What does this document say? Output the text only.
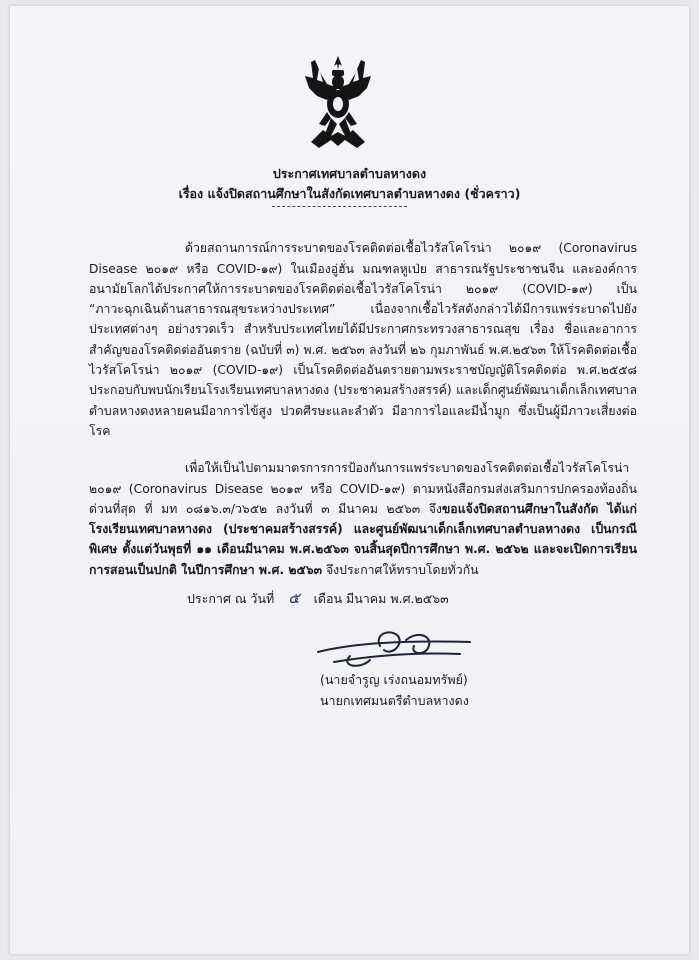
ประกาศเทศบาลตำบลหางดง
เรื่อง แจ้งปิดสถานศึกษาในสังกัดเทศบาลตำบลหางดง (ชั่วคราว)

ด้วยสถานการณ์การระบาดของโรคติดต่อเชื้อไวรัสโคโรน่า ๒๐๑๙ (Coronavirus Disease ๒๐๑๙ หรือ COVID-๑๙) ในเมืองอู่ฮั่น มณฑลหูเป่ย สาธารณรัฐประชาชนจีน และองค์การอนามัยโลกได้ประกาศให้การระบาดของโรคติดต่อเชื้อไวรัสโคโรน่า ๒๐๑๙ (COVID-๑๙) เป็น “ภาวะฉุกเฉินด้านสาธารณสุขระหว่างประเทศ” เนื่องจากเชื้อไวรัสดังกล่าวได้มีการแพร่ระบาดไปยังประเทศต่างๆ อย่างรวดเร็ว สำหรับประเทศไทยได้มีประกาศกระทรวงสาธารณสุข เรื่อง ชื่อและอาการสำคัญของโรคติดต่ออันตราย (ฉบับที่ ๓) พ.ศ. ๒๕๖๓ ลงวันที่ ๒๖ กุมภาพันธ์ พ.ศ.๒๕๖๓ ให้โรคติดต่อเชื้อไวรัสโคโรน่า ๒๐๑๙ (COVID-๑๙) เป็นโรคติดต่ออันตรายตามพระราชบัญญัติโรคติดต่อ พ.ศ.๒๕๕๘ ประกอบกับพบนักเรียนโรงเรียนเทศบาลหางดง (ประชาคมสร้างสรรค์) และเด็กศูนย์พัฒนาเด็กเล็กเทศบาลตำบลหางดงหลายคนมีอาการไข้สูง ปวดศีรษะและลำตัว มีอาการไอและมีน้ำมูก ซึ่งเป็นผู้มีภาวะเสี่ยงต่อโรค

เพื่อให้เป็นไปตามมาตรการการป้องกันการแพร่ระบาดของโรคติดต่อเชื้อไวรัสโคโรน่า ๒๐๑๙ (Coronavirus Disease ๒๐๑๙ หรือ COVID-๑๙) ตามหนังสือกรมส่งเสริมการปกครองท้องถิ่น ด่วนที่สุด ที่ มท ๐๘๑๖.๓/ว๖๕๒ ลงวันที่ ๓ มีนาคม ๒๕๖๓ จึงขอแจ้งปิดสถานศึกษาในสังกัด ได้แก่ โรงเรียนเทศบาลหางดง (ประชาคมสร้างสรรค์) และศูนย์พัฒนาเด็กเล็กเทศบาลตำบลหางดง เป็นกรณีพิเศษ ตั้งแต่วันพุธที่ ๑๑ เดือนมีนาคม พ.ศ.๒๕๖๓ จนสิ้นสุดปีการศึกษา พ.ศ. ๒๕๖๒ และจะเปิดการเรียนการสอนเป็นปกติ ในปีการศึกษา พ.ศ. ๒๕๖๓ จึงประกาศให้ทราบโดยทั่วกัน

ประกาศ ณ วันที่ ๕ เดือน มีนาคม พ.ศ.๒๕๖๓
(นายจำรูญ เร่งถนอมทรัพย์)
นายกเทศมนตรีตำบลหางดง
